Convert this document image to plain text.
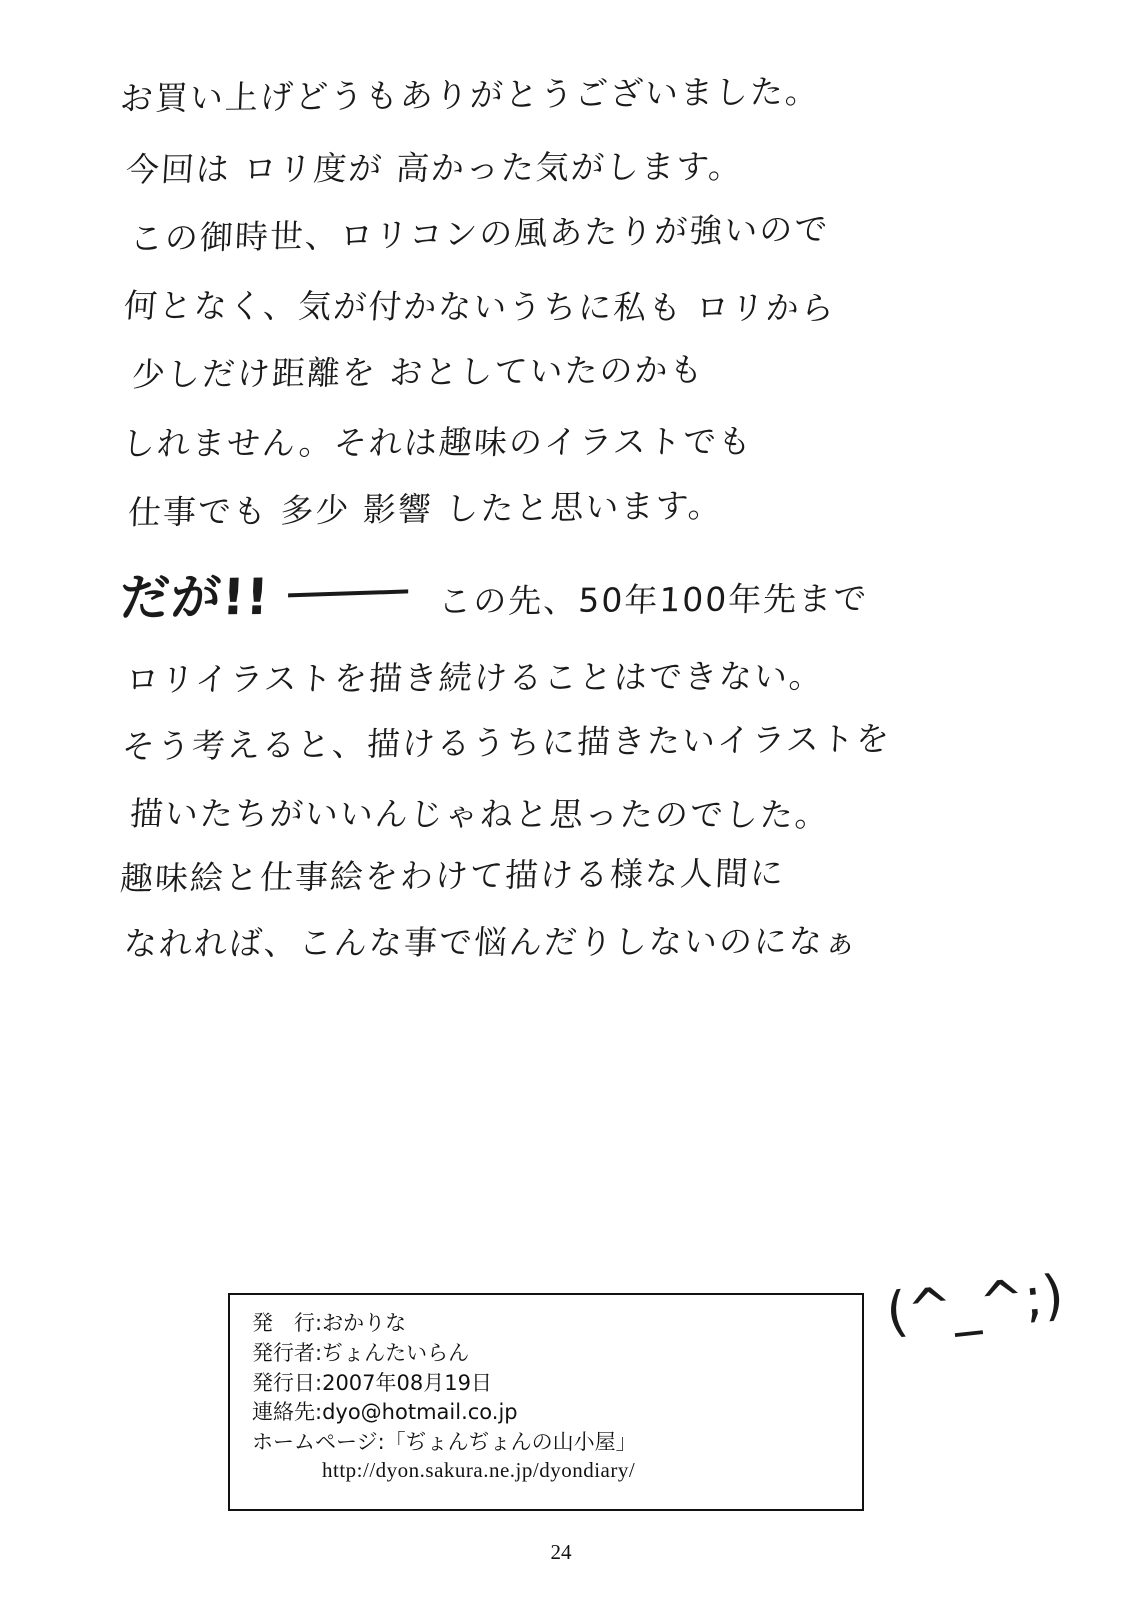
お買い上げどうもありがとうございました。
今回は ロリ度が 高かった気がします。
この御時世、ロリコンの風あたりが強いので
何となく、気が付かないうちに私も ロリから
少しだけ距離を おとしていたのかも
しれません。それは趣味のイラストでも
仕事でも 多少 影響 したと思います。
だが!!	この先、50年100年先まで
ロリイラストを描き続けることはできない。
そう考えると、描けるうちに描きたいイラストを
描いたちがいいんじゃねと思ったのでした。
趣味絵と仕事絵をわけて描ける様な人間に
なれれば、こんな事で悩んだりしないのになぁ
(^_^;)
発　行:おかりな
発行者:ぢょんたいらん
発行日:2007年08月19日
連絡先:dyo@hotmail.co.jp
ホームページ:「ぢょんぢょんの山小屋」
http://dyon.sakura.ne.jp/dyondiary/
24
